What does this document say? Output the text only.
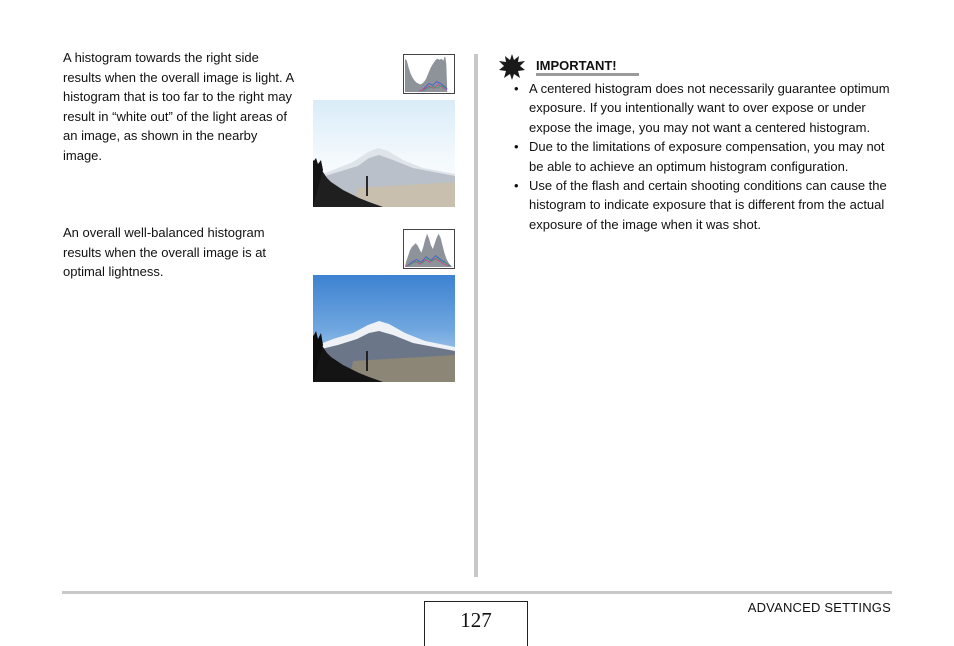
A histogram towards the right side results when the overall image is light. A histogram that is too far to the right may result in “white out” of the light areas of an image, as shown in the nearby image.

An overall well-balanced histogram results when the overall image is at optimal lightness.

IMPORTANT!
• A centered histogram does not necessarily guarantee optimum exposure. If you intentionally want to over expose or under expose the image, you may not want a centered histogram.
• Due to the limitations of exposure compensation, you may not be able to achieve an optimum histogram configuration.
• Use of the flash and certain shooting conditions can cause the histogram to indicate exposure that is different from the actual exposure of the image when it was shot.
127
ADVANCED SETTINGS
